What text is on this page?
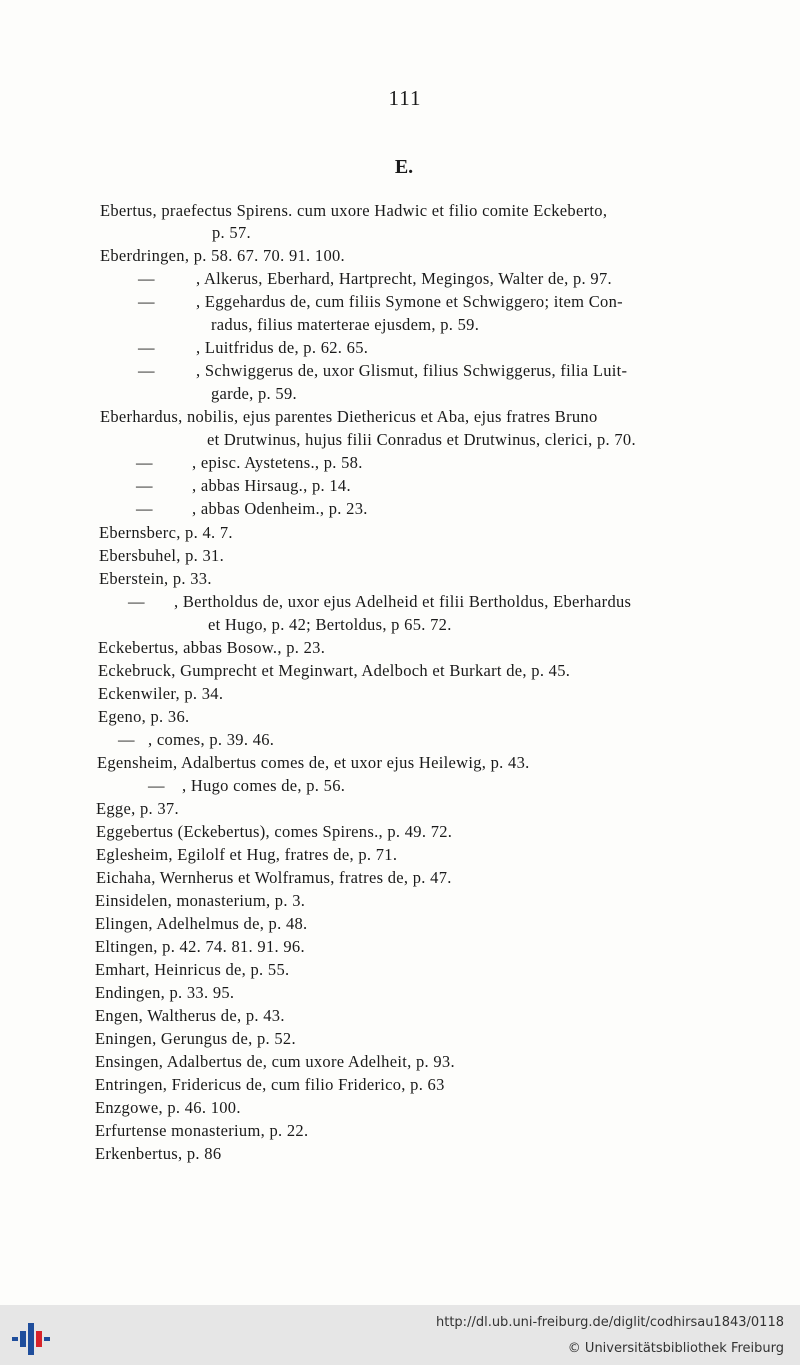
111
E.
Ebertus, praefectus Spirens. cum uxore Hadwic et filio comite Eckeberto,
p. 57.
Eberdringen, p. 58. 67. 70. 91. 100.
— , Alkerus, Eberhard, Hartprecht, Megingos, Walter de, p. 97.
— , Eggehardus de, cum filiis Symone et Schwiggero; item Con-
radus, filius materterae ejusdem, p. 59.
— , Luitfridus de, p. 62. 65.
— , Schwiggerus de, uxor Glismut, filius Schwiggerus, filia Luit-
garde, p. 59.
Eberhardus, nobilis, ejus parentes Diethericus et Aba, ejus fratres Bruno
et Drutwinus, hujus filii Conradus et Drutwinus, clerici, p. 70.
— , episc. Aystetens., p. 58.
— , abbas Hirsaug., p. 14.
— , abbas Odenheim., p. 23.
Ebernsberc, p. 4. 7.
Ebersbuhel, p. 31.
Eberstein, p. 33.
— , Bertholdus de, uxor ejus Adelheid et filii Bertholdus, Eberhardus
et Hugo, p. 42; Bertoldus, p 65. 72.
Eckebertus, abbas Bosow., p. 23.
Eckebruck, Gumprecht et Meginwart, Adelboch et Burkart de, p. 45.
Eckenwiler, p. 34.
Egeno, p. 36.
— , comes, p. 39. 46.
Egensheim, Adalbertus comes de, et uxor ejus Heilewig, p. 43.
— , Hugo comes de, p. 56.
Egge, p. 37.
Eggebertus (Eckebertus), comes Spirens., p. 49. 72.
Eglesheim, Egilolf et Hug, fratres de, p. 71.
Eichaha, Wernherus et Wolframus, fratres de, p. 47.
Einsidelen, monasterium, p. 3.
Elingen, Adelhelmus de, p. 48.
Eltingen, p. 42. 74. 81. 91. 96.
Emhart, Heinricus de, p. 55.
Endingen, p. 33. 95.
Engen, Waltherus de, p. 43.
Eningen, Gerungus de, p. 52.
Ensingen, Adalbertus de, cum uxore Adelheit, p. 93.
Entringen, Fridericus de, cum filio Friderico, p. 63
Enzgowe, p. 46. 100.
Erfurtense monasterium, p. 22.
Erkenbertus, p. 86
http://dl.ub.uni-freiburg.de/diglit/codhirsau1843/0118
© Universitätsbibliothek Freiburg
